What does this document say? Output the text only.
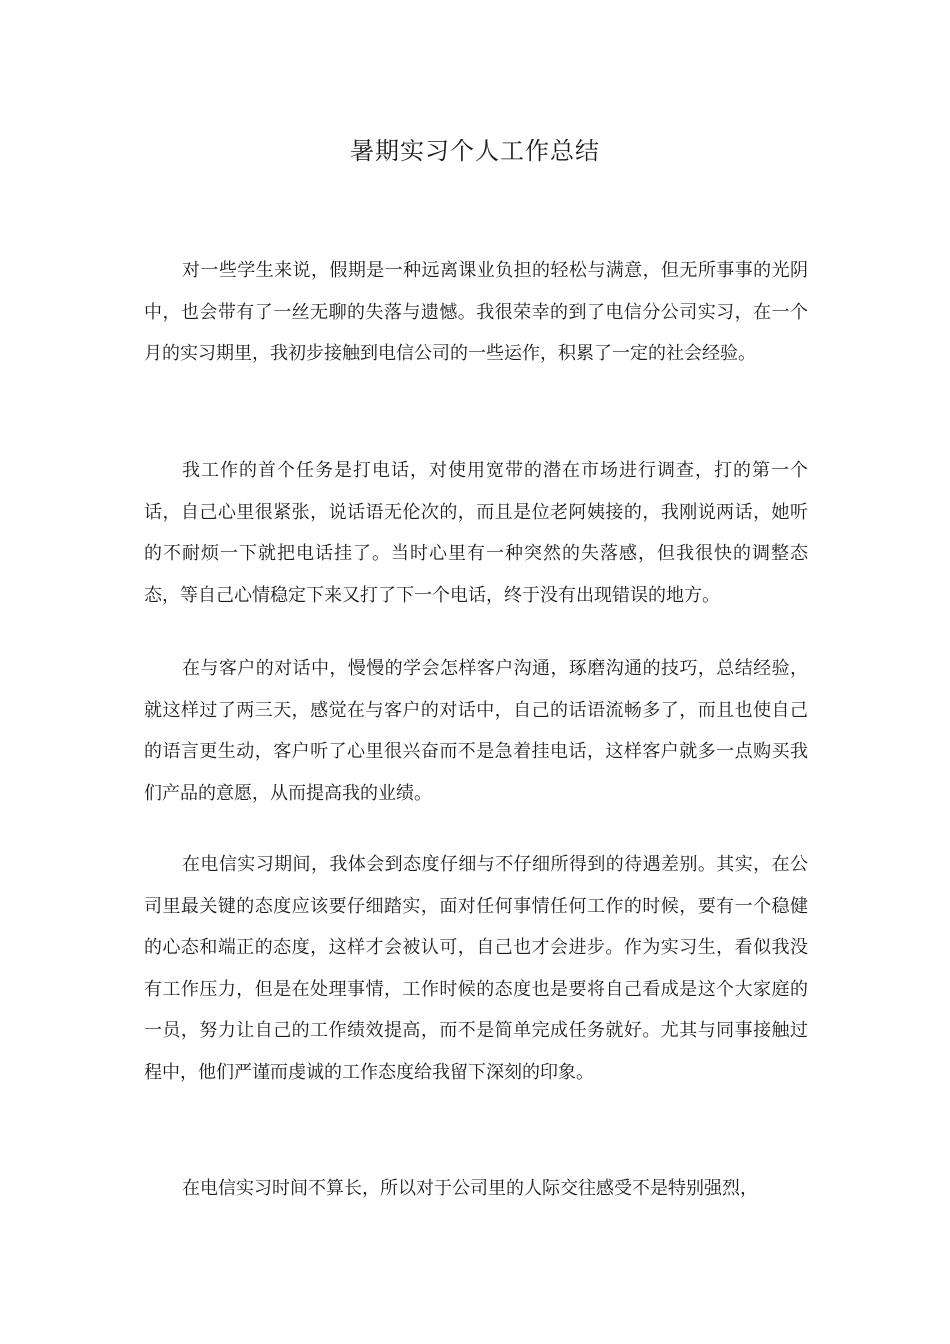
暑期实习个人工作总结

对一些学生来说，假期是一种远离课业负担的轻松与满意，但无所事事的光阴中，也会带有了一丝无聊的失落与遗憾。我很荣幸的到了电信分公司实习，在一个月的实习期里，我初步接触到电信公司的一些运作，积累了一定的社会经验。

我工作的首个任务是打电话，对使用宽带的潜在市场进行调查，打的第一个话，自己心里很紧张，说话语无伦次的，而且是位老阿姨接的，我刚说两话，她听的不耐烦一下就把电话挂了。当时心里有一种突然的失落感，但我很快的调整态态，等自己心情稳定下来又打了下一个电话，终于没有出现错误的地方。

在与客户的对话中，慢慢的学会怎样客户沟通，琢磨沟通的技巧，总结经验，就这样过了两三天，感觉在与客户的对话中，自己的话语流畅多了，而且也使自己的语言更生动，客户听了心里很兴奋而不是急着挂电话，这样客户就多一点购买我们产品的意愿，从而提高我的业绩。

在电信实习期间，我体会到态度仔细与不仔细所得到的待遇差别。其实，在公司里最关键的态度应该要仔细踏实，面对任何事情任何工作的时候，要有一个稳健的心态和端正的态度，这样才会被认可，自己也才会进步。作为实习生，看似我没有工作压力，但是在处理事情，工作时候的态度也是要将自己看成是这个大家庭的一员，努力让自己的工作绩效提高，而不是简单完成任务就好。尤其与同事接触过程中，他们严谨而虔诚的工作态度给我留下深刻的印象。

在电信实习时间不算长，所以对于公司里的人际交往感受不是特别强烈，
